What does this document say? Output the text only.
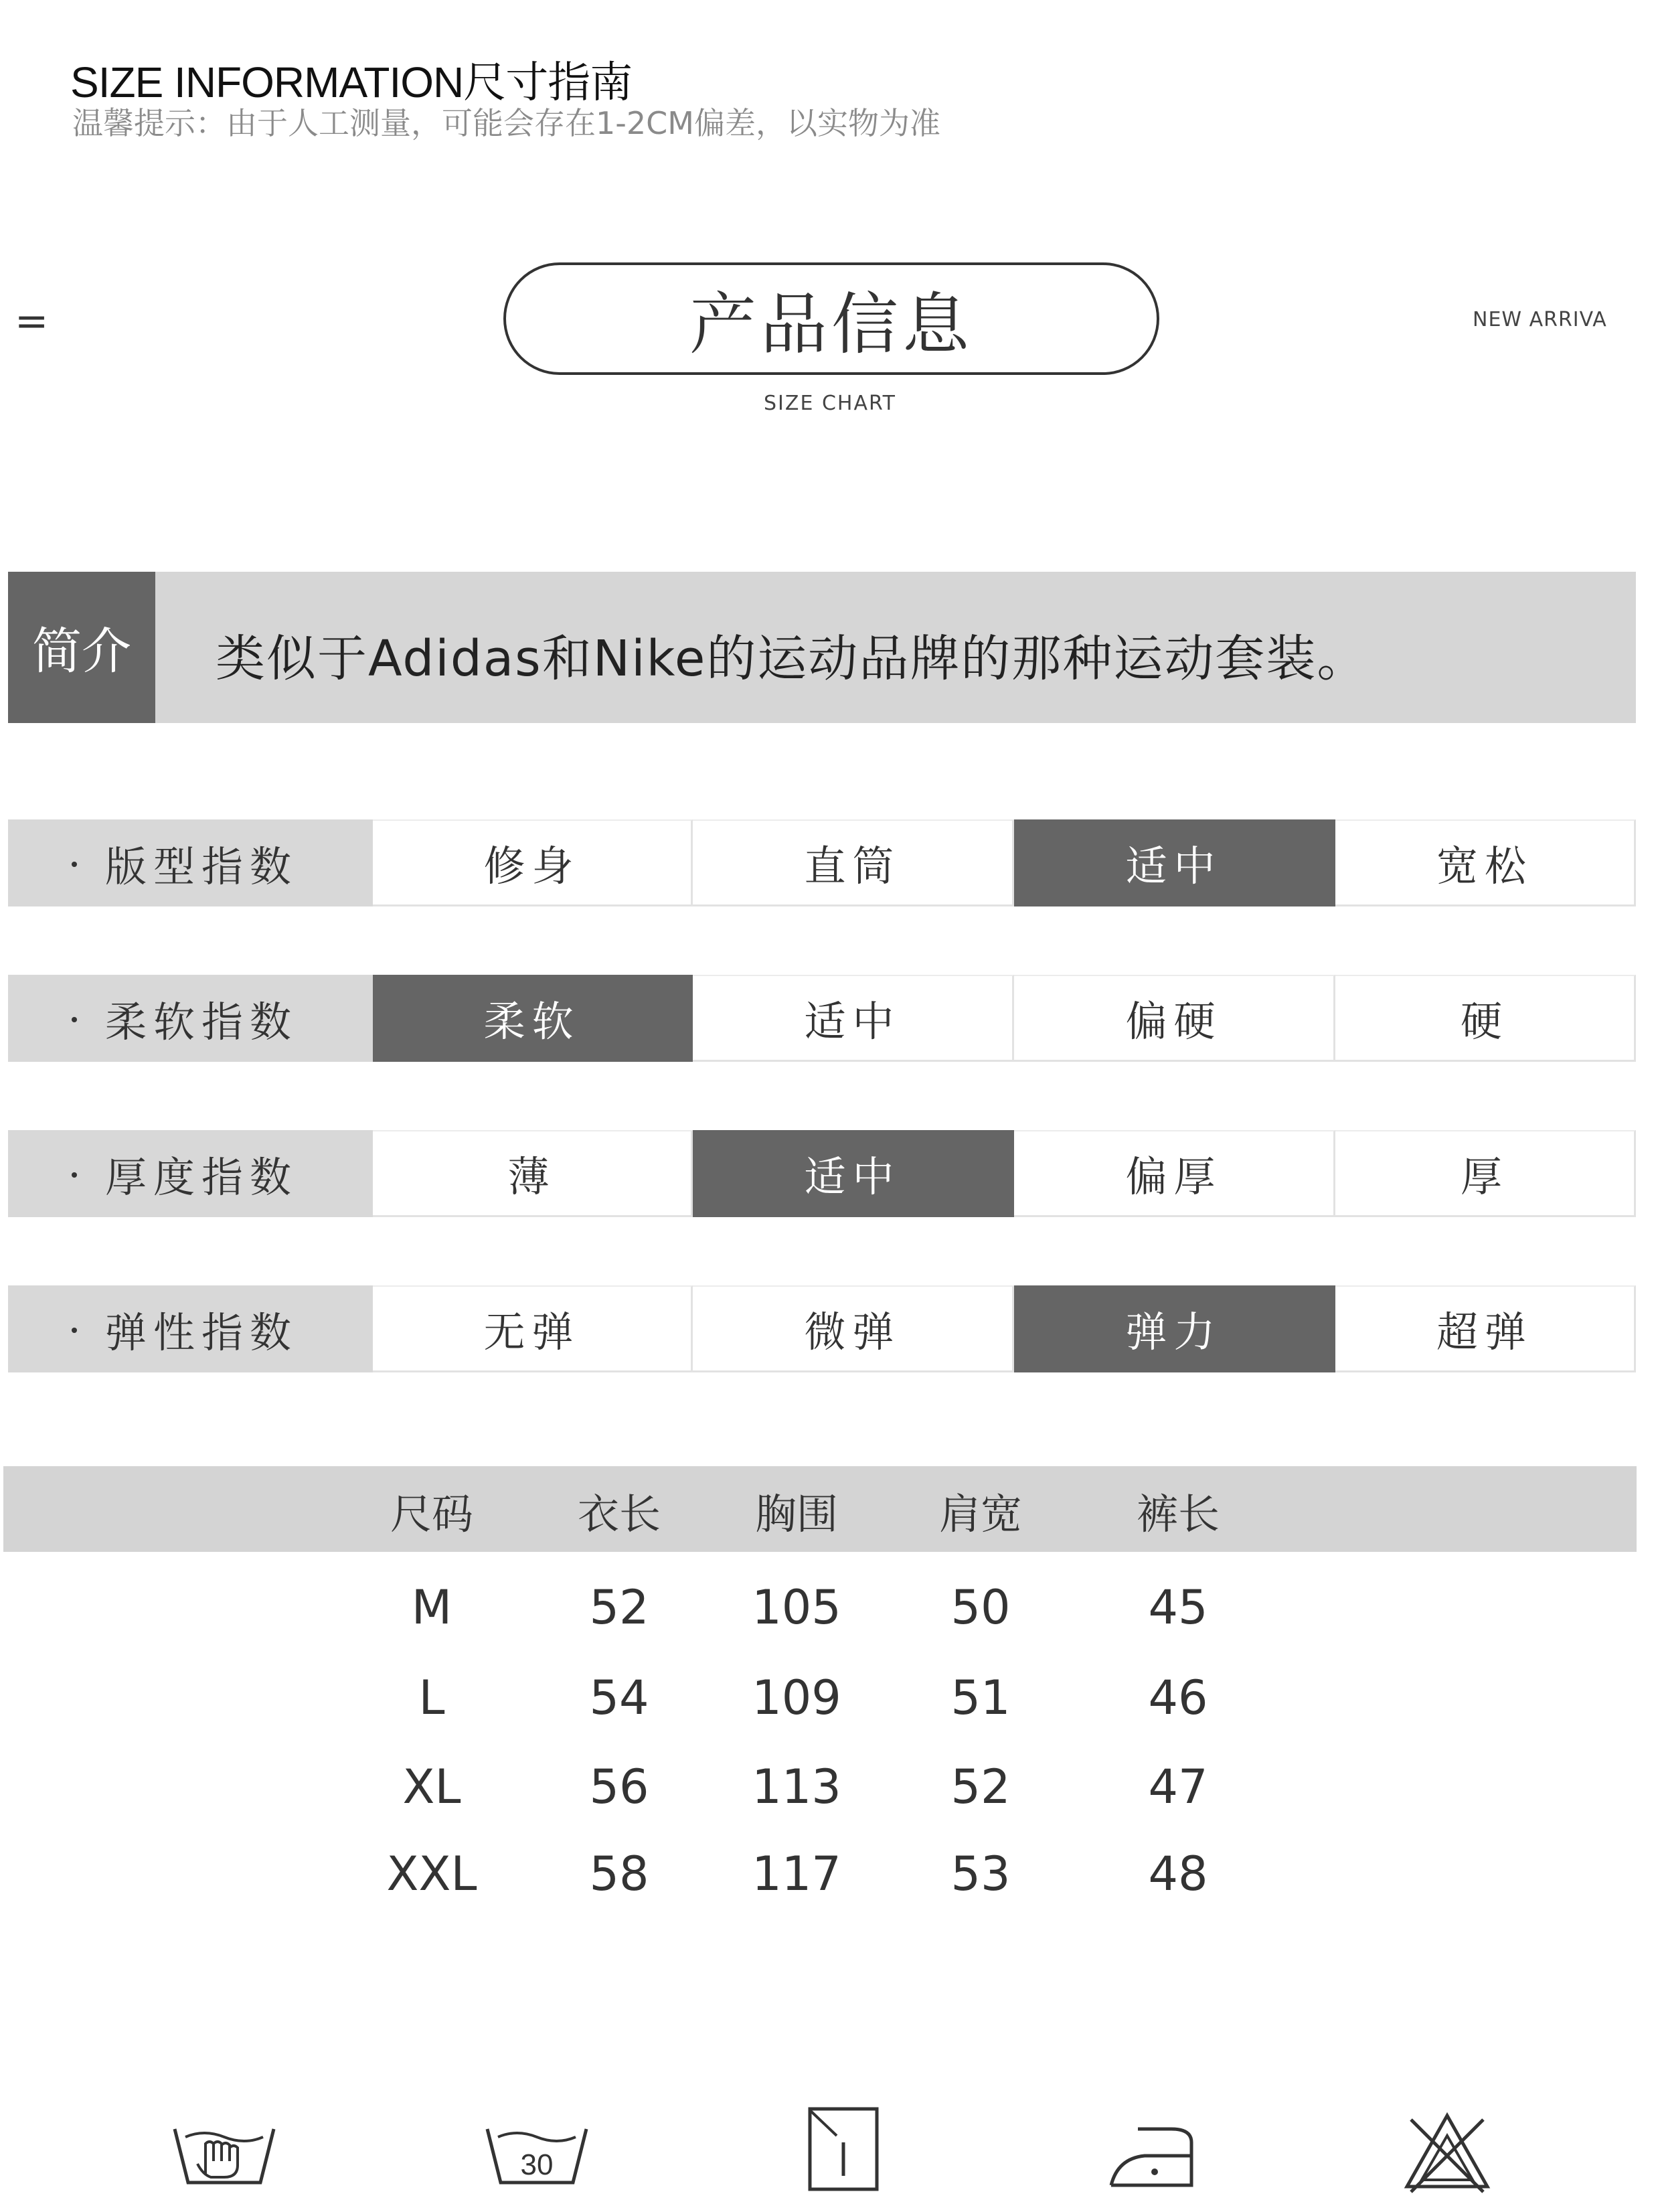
SIZE INFORMATION尺寸指南
温馨提示：由于人工测量，可能会存在1-2CM偏差，以实物为准
=	产品信息
SIZE CHART
NEW ARRIVA
简介 类似于Adidas和Nike的运动品牌的那种运动套装。
版型指数	修身	直筒	适中	宽松
柔软指数	柔软	适中	偏硬	硬
厚度指数	薄	适中	偏厚	厚
弹性指数	无弹	微弹	弹力	超弹
尺码	衣长	胸围	肩宽	裤长
M	52	105	50	45
L	54	109	51	46
XL	56	113	52	47
XXL	58	117	53	48
30
